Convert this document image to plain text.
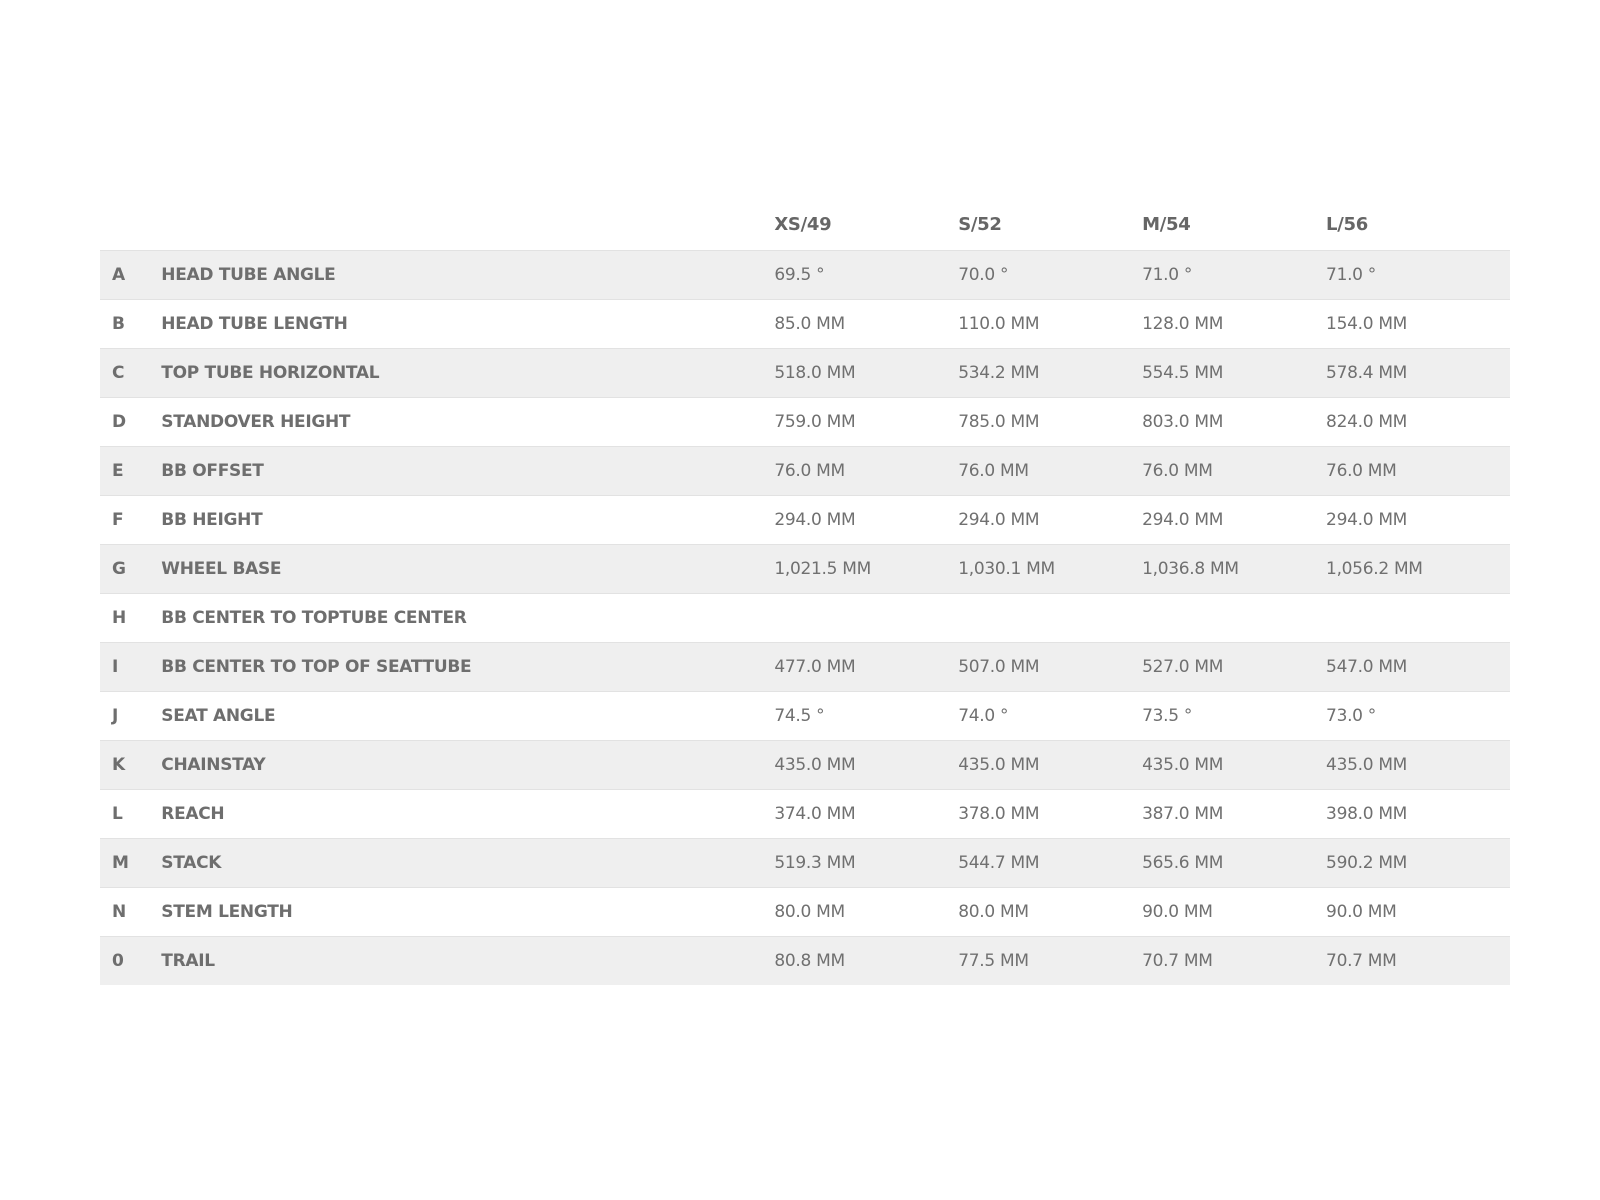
		XS/49	S/52	M/54	L/56
A	HEAD TUBE ANGLE	69.5 °	70.0 °	71.0 °	71.0 °
B	HEAD TUBE LENGTH	85.0 MM	110.0 MM	128.0 MM	154.0 MM
C	TOP TUBE HORIZONTAL	518.0 MM	534.2 MM	554.5 MM	578.4 MM
D	STANDOVER HEIGHT	759.0 MM	785.0 MM	803.0 MM	824.0 MM
E	BB OFFSET	76.0 MM	76.0 MM	76.0 MM	76.0 MM
F	BB HEIGHT	294.0 MM	294.0 MM	294.0 MM	294.0 MM
G	WHEEL BASE	1,021.5 MM	1,030.1 MM	1,036.8 MM	1,056.2 MM
H	BB CENTER TO TOPTUBE CENTER				
I	BB CENTER TO TOP OF SEATTUBE	477.0 MM	507.0 MM	527.0 MM	547.0 MM
J	SEAT ANGLE	74.5 °	74.0 °	73.5 °	73.0 °
K	CHAINSTAY	435.0 MM	435.0 MM	435.0 MM	435.0 MM
L	REACH	374.0 MM	378.0 MM	387.0 MM	398.0 MM
M	STACK	519.3 MM	544.7 MM	565.6 MM	590.2 MM
N	STEM LENGTH	80.0 MM	80.0 MM	90.0 MM	90.0 MM
0	TRAIL	80.8 MM	77.5 MM	70.7 MM	70.7 MM
